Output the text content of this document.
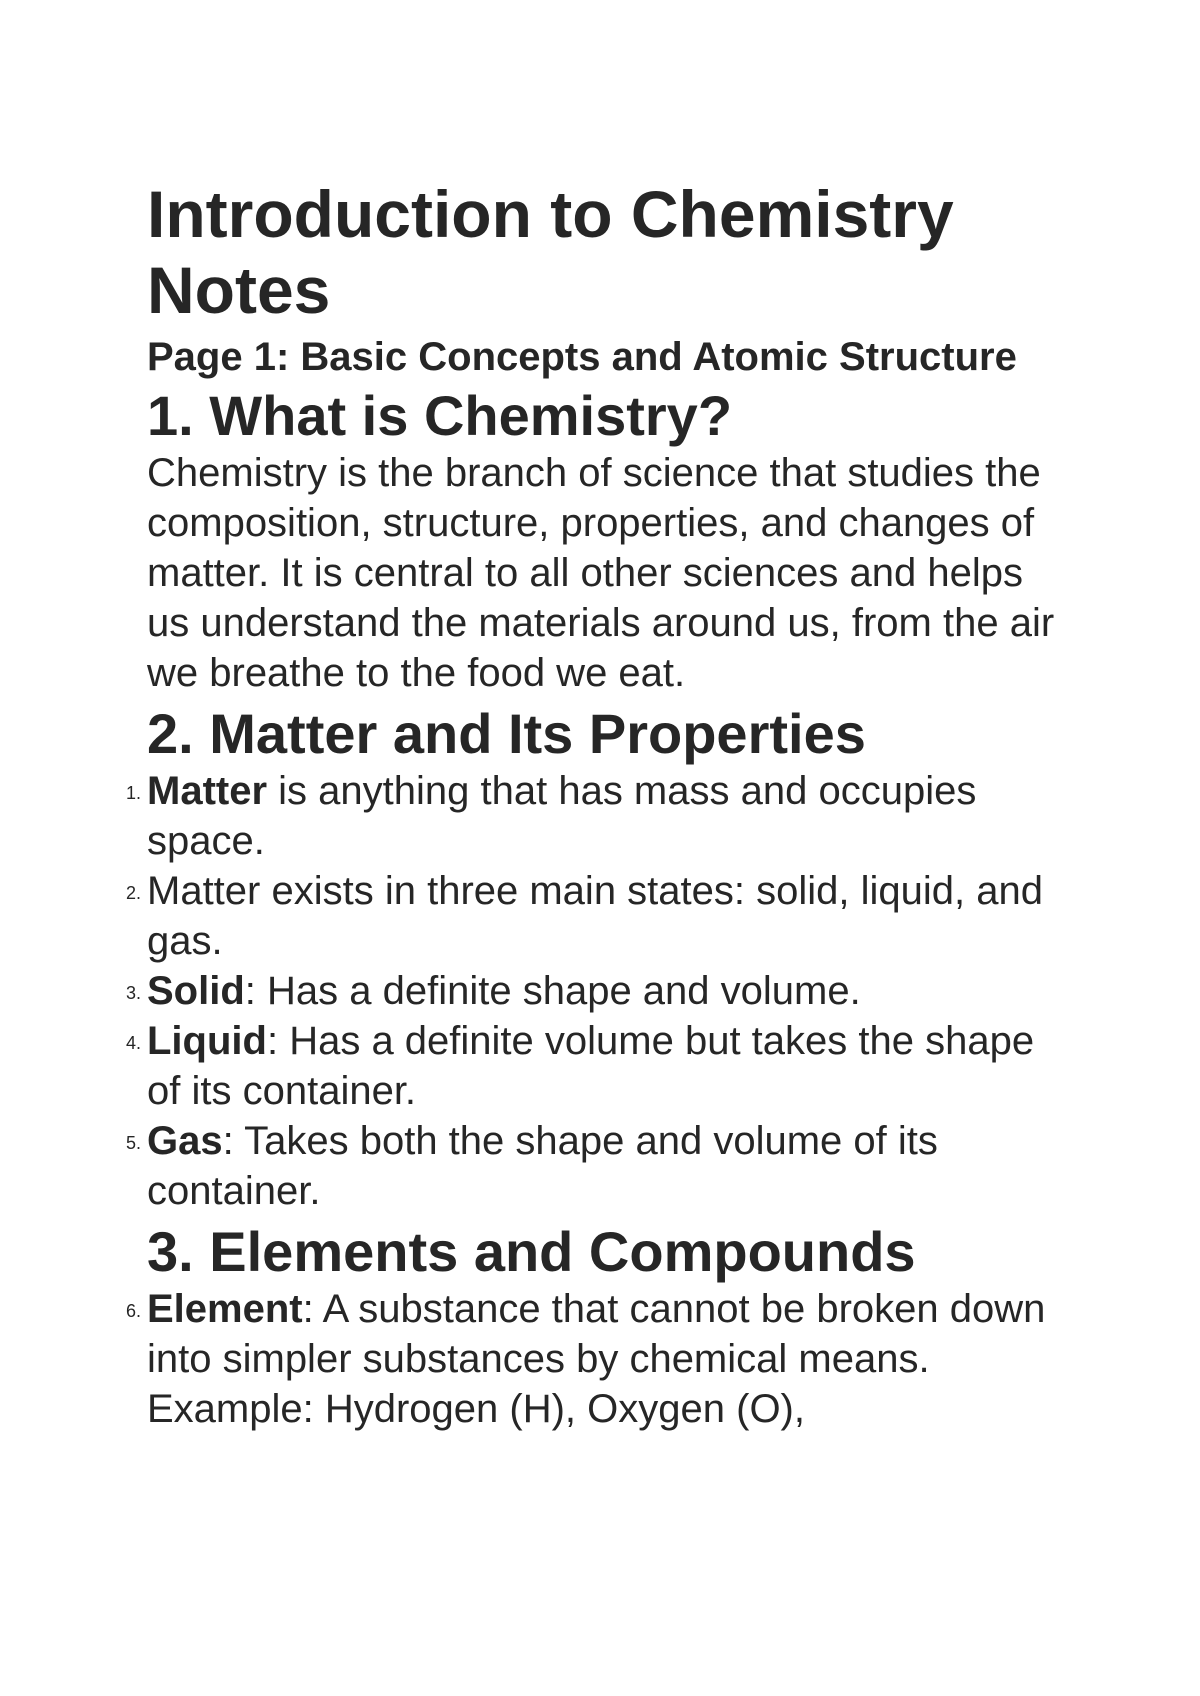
Introduction to Chemistry Notes
Page 1: Basic Concepts and Atomic Structure
1. What is Chemistry?

Chemistry is the branch of science that studies the composition, structure, properties, and changes of matter. It is central to all other sciences and helps us understand the materials around us, from the air we breathe to the food we eat.

2. Matter and Its Properties
1. Matter is anything that has mass and occupies space.
2. Matter exists in three main states: solid, liquid, and gas.
3. Solid: Has a definite shape and volume.
4. Liquid: Has a definite volume but takes the shape of its container.
5. Gas: Takes both the shape and volume of its container.
3. Elements and Compounds
6. Element: A substance that cannot be broken down into simpler substances by chemical means. Example: Hydrogen (H), Oxygen (O),
